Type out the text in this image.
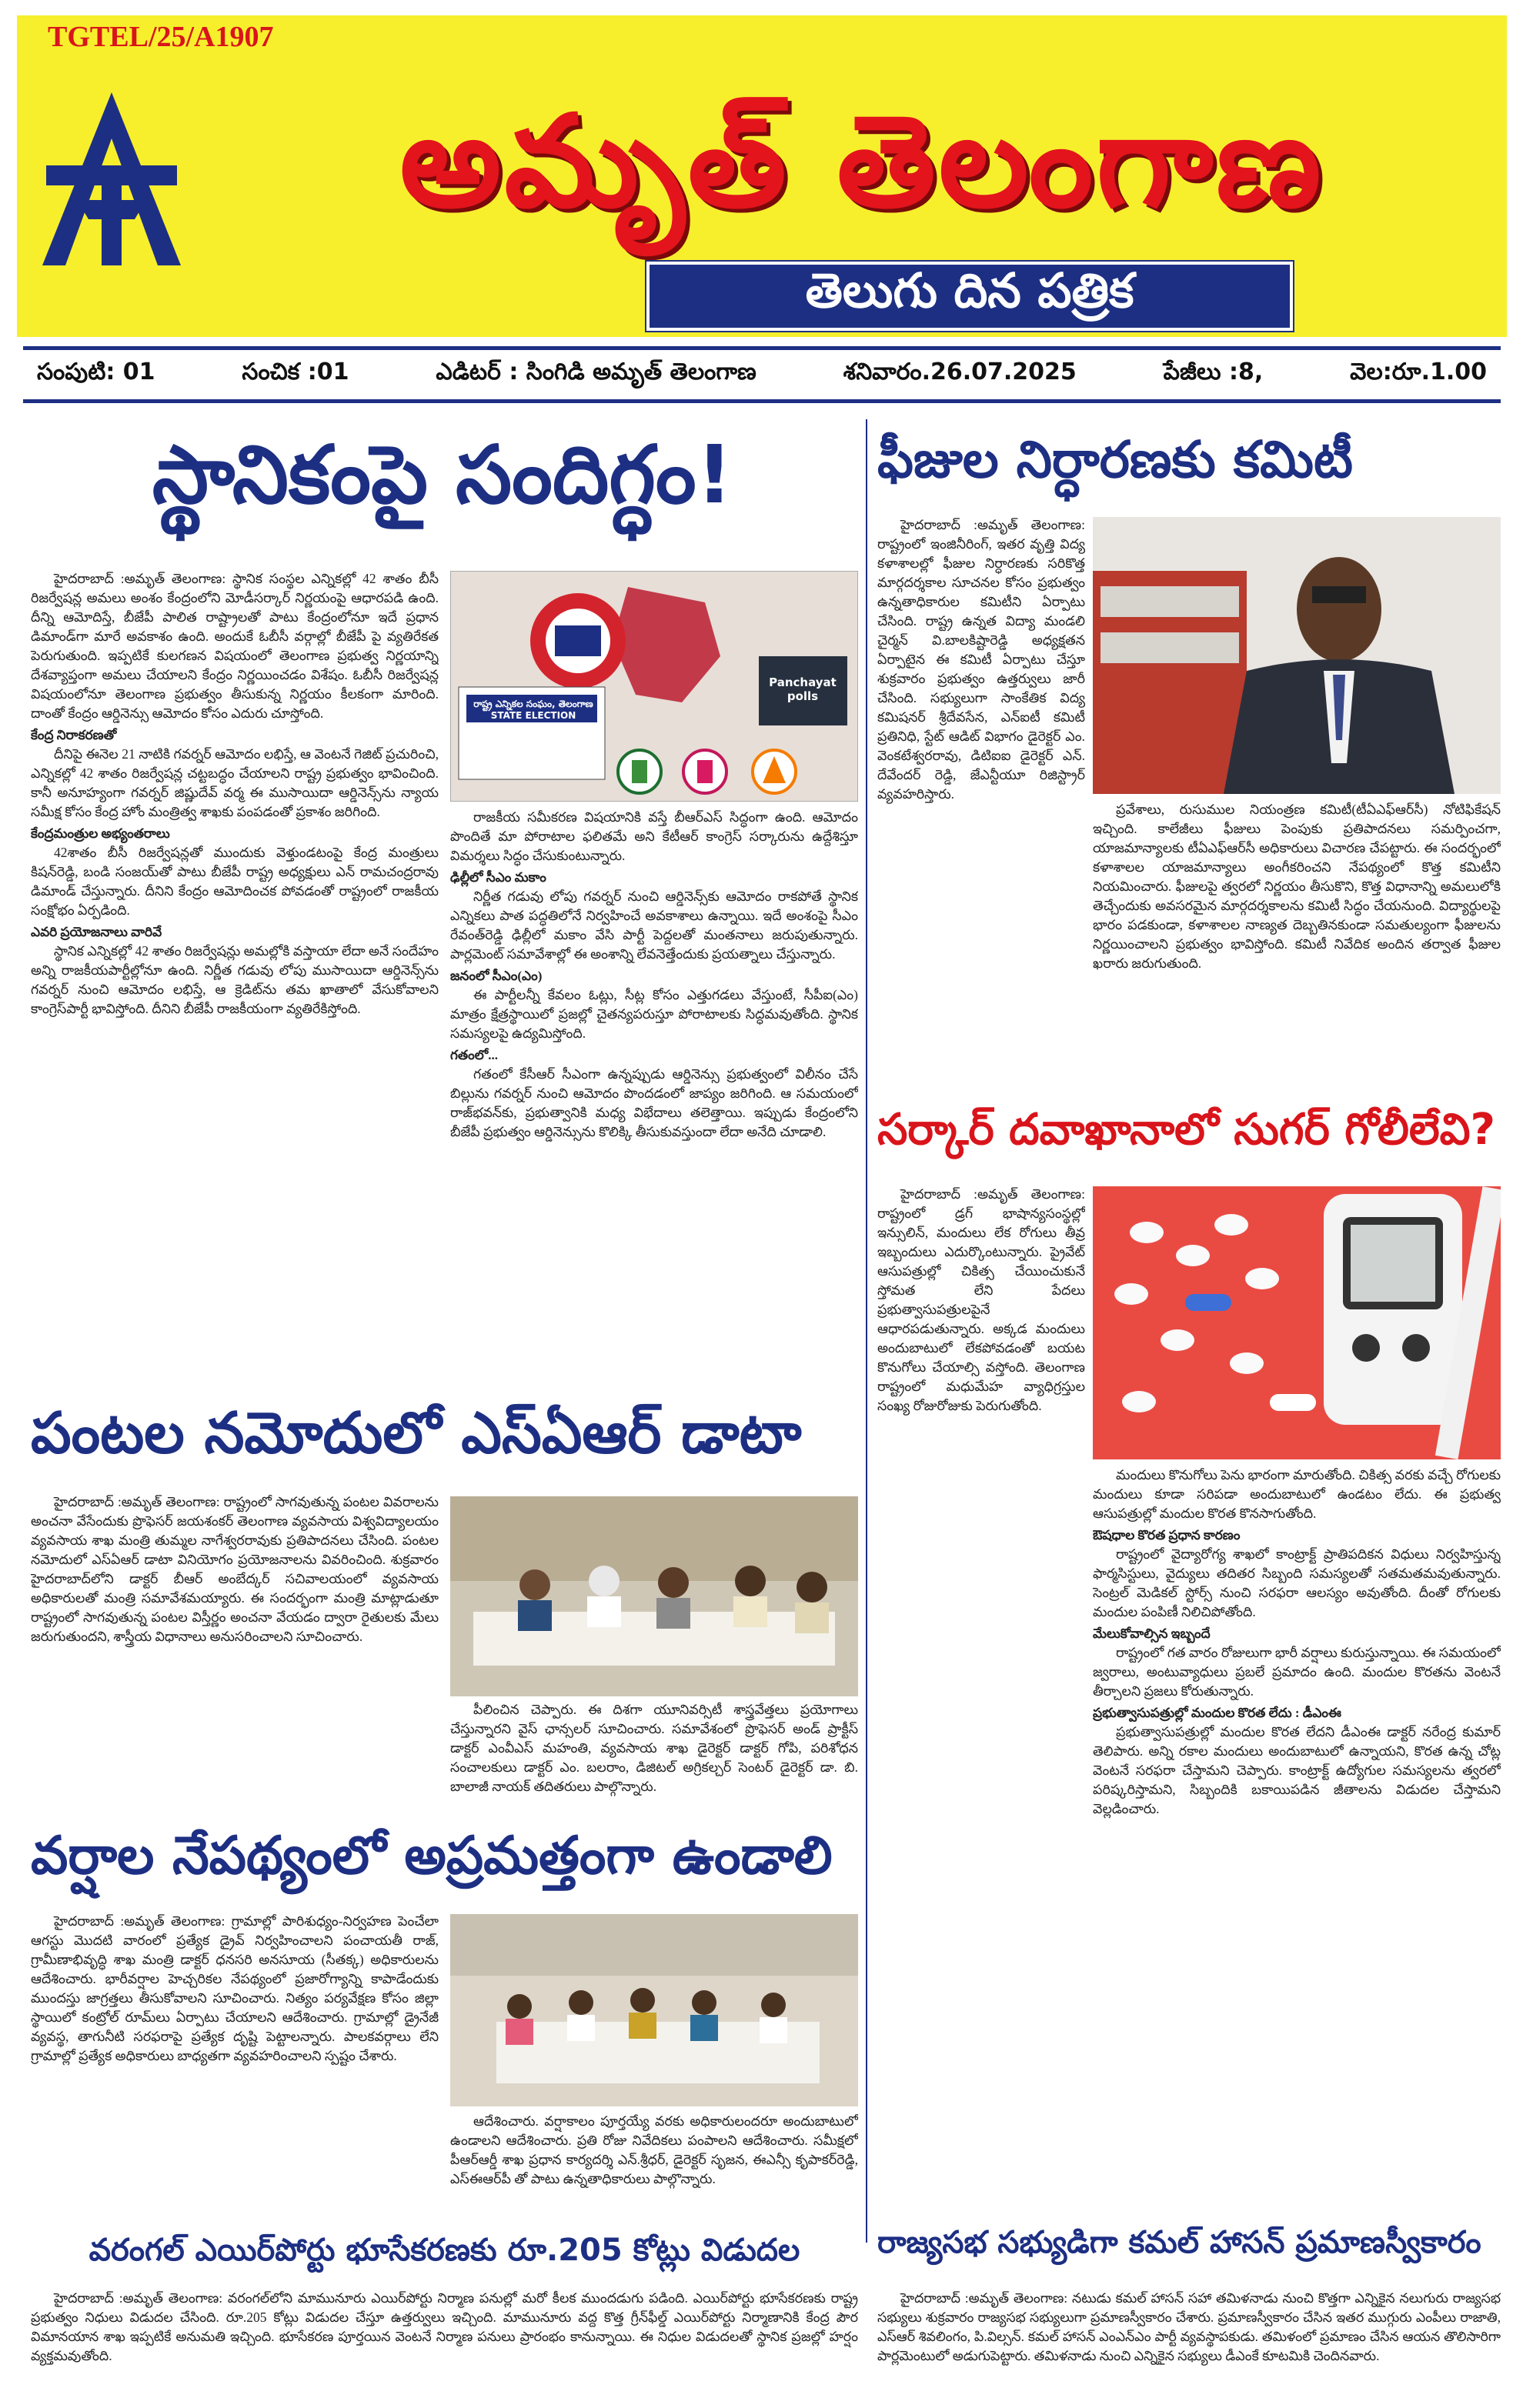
TGTEL/25/A1907
అమృత్ తెలంగాణ
తెలుగు దిన పత్రిక
సంపుటి: 01	సంచిక :01	ఎడిటర్ : సింగిడి అమృత్ తెలంగాణ	శనివారం.26.07.2025	పేజీలు :8,	వెల:రూ.1.00
స్థానికంపై సందిగ్ధం!

హైదరాబాద్ :అమృత్ తెలంగాణ: స్థానిక సంస్థల ఎన్నికల్లో 42 శాతం బీసీ రిజర్వేషన్ల అమలు అంశం కేంద్రంలోని మోడీసర్కార్ నిర్ణయంపై ఆధారపడి ఉంది. దీన్ని ఆమోదిస్తే, బీజేపీ పాలిత రాష్ట్రాలతో పాటు కేంద్రంలోనూ ఇదే ప్రధాన డిమాండ్‌గా మారే అవకాశం ఉంది. అందుకే ఓబీసీ వర్గాల్లో బీజేపీ పై వ్యతిరేకత పెరుగుతుంది. ఇప్పటికే కులగణన విషయంలో తెలంగాణ ప్రభుత్వ నిర్ణయాన్ని దేశవ్యాప్తంగా అమలు చేయాలని కేంద్రం నిర్ణయించడం విశేషం. ఓబీసీ రిజర్వేషన్ల విషయంలోనూ తెలంగాణ ప్రభుత్వం తీసుకున్న నిర్ణయం కీలకంగా మారింది. దాంతో కేంద్రం ఆర్డినెన్సు ఆమోదం కోసం ఎదురు చూస్తోంది.

కేంద్ర నిరాకరణతో

దీనిపై ఈనెల 21 నాటికి గవర్నర్ ఆమోదం లభిస్తే, ఆ వెంటనే గెజిట్ ప్రచురించి, ఎన్నికల్లో 42 శాతం రిజర్వేషన్ల చట్టబద్ధం చేయాలని రాష్ట్ర ప్రభుత్వం భావించింది. కానీ అనూహ్యంగా గవర్నర్ జిష్ణుదేవ్ వర్మ ఈ ముసాయిదా ఆర్డినెన్స్‌ను న్యాయ సమీక్ష కోసం కేంద్ర హోం మంత్రిత్వ శాఖకు పంపడంతో ప్రకాశం జరిగింది.

కేంద్రమంత్రుల అభ్యంతరాలు

42శాతం బీసీ రిజర్వేషన్లతో ముందుకు వెళ్తుండటంపై కేంద్ర మంత్రులు కిషన్‌రెడ్డి, బండి సంజయ్‌తో పాటు బీజేపీ రాష్ట్ర అధ్యక్షులు ఎన్ రామచంద్రరావు డిమాండ్ చేస్తున్నారు. దీనిని కేంద్రం ఆమోదించక పోవడంతో రాష్ట్రంలో రాజకీయ సంక్షోభం ఏర్పడింది.

ఎవరి ప్రయోజనాలు వారివే

స్థానిక ఎన్నికల్లో 42 శాతం రిజర్వేషన్లు అమల్లోకి వస్తాయా లేదా అనే సందేహం అన్ని రాజకీయపార్టీల్లోనూ ఉంది. నిర్ణీత గడువు లోపు ముసాయిదా ఆర్డినెన్స్‌ను గవర్నర్ నుంచి ఆమోదం లభిస్తే, ఆ క్రెడిట్‌ను తమ ఖాతాలో వేసుకోవాలని కాంగ్రెస్‌పార్టీ భావిస్తోంది. దీనిని బీజేపీ రాజకీయంగా వ్యతిరేకిస్తోంది.

రాష్ట్ర ఎన్నికల సంఘం, తెలంగాణ
STATE ELECTION COMMISSION, TELANGANA
Panchayat polls

రాజకీయ సమీకరణ విషయానికి వస్తే బీఆర్‌ఎస్ సిద్ధంగా ఉంది. ఆమోదం పొందితే మా పోరాటాల ఫలితమే అని కేటీఆర్ కాంగ్రెస్ సర్కారును ఉద్దేశిస్తూ విమర్శలు సిద్ధం చేసుకుంటున్నారు.

ఢిల్లీలో సీఎం మకాం

నిర్ణీత గడువు లోపు గవర్నర్ నుంచి ఆర్డినెన్స్‌కు ఆమోదం రాకపోతే స్థానిక ఎన్నికలు పాత పద్ధతిలోనే నిర్వహించే అవకాశాలు ఉన్నాయి. ఇదే అంశంపై సీఎం రేవంత్‌రెడ్డి ఢిల్లీలో మకాం వేసి పార్టీ పెద్దలతో మంతనాలు జరుపుతున్నారు. పార్లమెంట్ సమావేశాల్లో ఈ అంశాన్ని లేవనెత్తేందుకు ప్రయత్నాలు చేస్తున్నారు.

జనంలో సీఎం(ఎం)

ఈ పార్టీలన్నీ కేవలం ఓట్లు, సీట్ల కోసం ఎత్తుగడలు వేస్తుంటే, సీపీఐ(ఎం) మాత్రం క్షేత్రస్థాయిలో ప్రజల్లో చైతన్యపరుస్తూ పోరాటాలకు సిద్ధమవుతోంది. స్థానిక సమస్యలపై ఉద్యమిస్తోంది.

గతంలో...

గతంలో కేసీఆర్ సీఎంగా ఉన్నప్పుడు ఆర్డినెన్సు ప్రభుత్వంలో విలీనం చేసే బిల్లును గవర్నర్ నుంచి ఆమోదం పొందడంలో జాప్యం జరిగింది. ఆ సమయంలో రాజ్‌భవన్‌కు, ప్రభుత్వానికి మధ్య విభేదాలు తలెత్తాయి. ఇప్పుడు కేంద్రంలోని బీజేపీ ప్రభుత్వం ఆర్డినెన్సును కొలిక్కి తీసుకువస్తుందా లేదా అనేది చూడాలి.

పంటల నమోదులో ఎస్ఏఆర్ డాటా

హైదరాబాద్ :అమృత్ తెలంగాణ: రాష్ట్రంలో సాగవుతున్న పంటల వివరాలను అంచనా వేసేందుకు ప్రొఫెసర్ జయశంకర్ తెలంగాణ వ్యవసాయ విశ్వవిద్యాలయం వ్యవసాయ శాఖ మంత్రి తుమ్మల నాగేశ్వరరావుకు ప్రతిపాదనలు చేసింది. పంటల నమోదులో ఎస్ఏఆర్ డాటా వినియోగం ప్రయోజనాలను వివరించింది. శుక్రవారం హైదరాబాద్‌లోని డాక్టర్ బీఆర్ అంబేద్కర్ సచివాలయంలో వ్యవసాయ అధికారులతో మంత్రి సమావేశమయ్యారు. ఈ సందర్భంగా మంత్రి మాట్లాడుతూ రాష్ట్రంలో సాగవుతున్న పంటల విస్తీర్ణం అంచనా వేయడం ద్వారా రైతులకు మేలు జరుగుతుందని, శాస్త్రీయ విధానాలు అనుసరించాలని సూచించారు.

పీలించిన చెప్పారు. ఈ దిశగా యూనివర్సిటీ శాస్త్రవేత్తలు ప్రయోగాలు చేస్తున్నారని వైస్ ఛాన్సలర్ సూచించారు. సమావేశంలో ప్రొఫెసర్ అండ్ ప్రాక్టీస్ డాక్టర్ ఎంవీఎస్ మహంతి, వ్యవసాయ శాఖ డైరెక్టర్ డాక్టర్ గోపి, పరిశోధన సంచాలకులు డాక్టర్ ఎం. బలరాం, డిజిటల్ అగ్రికల్చర్ సెంటర్ డైరెక్టర్ డా. బి. బాలాజీ నాయక్ తదితరులు పాల్గొన్నారు.

వర్షాల నేపథ్యంలో అప్రమత్తంగా ఉండాలి

హైదరాబాద్ :అమృత్ తెలంగాణ: గ్రామాల్లో పారిశుధ్యం-నిర్వహణ పెంచేలా ఆగస్టు మొదటి వారంలో ప్రత్యేక డ్రైవ్ నిర్వహించాలని పంచాయతీ రాజ్, గ్రామీణాభివృద్ధి శాఖ మంత్రి డాక్టర్ ధనసరి అనసూయ (సీతక్క) అధికారులను ఆదేశించారు. భారీవర్షాల హెచ్చరికల నేపథ్యంలో ప్రజారోగ్యాన్ని కాపాడేందుకు ముందస్తు జాగ్రత్తలు తీసుకోవాలని సూచించారు. నిత్యం పర్యవేక్షణ కోసం జిల్లా స్థాయిలో కంట్రోల్ రూమ్‌లు ఏర్పాటు చేయాలని ఆదేశించారు. గ్రామాల్లో డ్రైనేజీ వ్యవస్థ, తాగునీటి సరఫరాపై ప్రత్యేక దృష్టి పెట్టాలన్నారు. పాలకవర్గాలు లేని గ్రామాల్లో ప్రత్యేక అధికారులు బాధ్యతగా వ్యవహరించాలని స్పష్టం చేశారు.

ఆదేశించారు. వర్షాకాలం పూర్తయ్యే వరకు అధికారులందరూ అందుబాటులో ఉండాలని ఆదేశించారు. ప్రతి రోజు నివేదికలు పంపాలని ఆదేశించారు. సమీక్షలో పీఆర్ఆర్డీ శాఖ ప్రధాన కార్యదర్శి ఎన్.శ్రీధర్, డైరెక్టర్ సృజన, ఈఎన్సీ కృపాకర్‌రెడ్డి, ఎస్ఈఆర్‌పీ తో పాటు ఉన్నతాధికారులు పాల్గొన్నారు.

ఫీజుల నిర్ధారణకు కమిటీ

హైదరాబాద్ :అమృత్ తెలంగాణ: రాష్ట్రంలో ఇంజినీరింగ్, ఇతర వృత్తి విద్య కళాశాలల్లో ఫీజుల నిర్ధారణకు సరికొత్త మార్గదర్శకాల సూచనల కోసం ప్రభుత్వం ఉన్నతాధికారుల కమిటీని ఏర్పాటు చేసింది. రాష్ట్ర ఉన్నత విద్యా మండలి చైర్మన్ వి.బాలకిష్టారెడ్డి అధ్యక్షతన ఏర్పాటైన ఈ కమిటీ ఏర్పాటు చేస్తూ శుక్రవారం ప్రభుత్వం ఉత్తర్వులు జారీ చేసింది. సభ్యులుగా సాంకేతిక విద్య కమిషనర్ శ్రీదేవసేన, ఎన్‌ఐటీ కమిటీ ప్రతినిధి, స్టేట్ ఆడిట్ విభాగం డైరెక్టర్ ఎం. వెంకటేశ్వరరావు, డిటిఐఐ డైరెక్టర్ ఎన్. దేవేందర్ రెడ్డి, జేఎన్టీయూ రిజిస్ట్రార్ వ్యవహరిస్తారు.

ప్రవేశాలు, రుసుముల నియంత్రణ కమిటీ(టీఏఎఫ్ఆర్‌సీ) నోటిఫికేషన్ ఇచ్చింది. కాలేజీలు ఫీజులు పెంపుకు ప్రతిపాదనలు సమర్పించగా, యాజమాన్యాలకు టీఏఎఫ్ఆర్‌సీ అధికారులు విచారణ చేపట్టారు. ఈ సందర్భంలో కళాశాలల యాజమాన్యాలు అంగీకరించని నేపథ్యంలో కొత్త కమిటీని నియమించారు. ఫీజులపై త్వరలో నిర్ణయం తీసుకొని, కొత్త విధానాన్ని అమలులోకి తెచ్చేందుకు అవసరమైన మార్గదర్శకాలను కమిటీ సిద్ధం చేయనుంది. విద్యార్థులపై భారం పడకుండా, కళాశాలల నాణ్యత దెబ్బతినకుండా సమతుల్యంగా ఫీజులను నిర్ణయించాలని ప్రభుత్వం భావిస్తోంది. కమిటీ నివేదిక అందిన తర్వాత ఫీజుల ఖరారు జరుగుతుంది.

సర్కార్ దవాఖానాలో సుగర్ గోలీలేవి?

హైదరాబాద్ :అమృత్ తెలంగాణ: రాష్ట్రంలో డ్రగ్ భాషాన్యసంస్థల్లో ఇన్సులిన్, మందులు లేక రోగులు తీవ్ర ఇబ్బందులు ఎదుర్కొంటున్నారు. ప్రైవేట్ ఆసుపత్రుల్లో చికిత్స చేయించుకునే స్తోమత లేని పేదలు ప్రభుత్వాసుపత్రులపైనే ఆధారపడుతున్నారు. అక్కడ మందులు అందుబాటులో లేకపోవడంతో బయట కొనుగోలు చేయాల్సి వస్తోంది. తెలంగాణ రాష్ట్రంలో మధుమేహ వ్యాధిగ్రస్తుల సంఖ్య రోజురోజుకు పెరుగుతోంది.

మందులు కొనుగోలు పెను భారంగా మారుతోంది. చికిత్స వరకు వచ్చే రోగులకు మందులు కూడా సరిపడా అందుబాటులో ఉండటం లేదు. ఈ ప్రభుత్వ ఆసుపత్రుల్లో మందుల కొరత కొనసాగుతోంది.

ఔషధాల కొరత ప్రధాన కారణం

రాష్ట్రంలో వైద్యారోగ్య శాఖలో కాంట్రాక్ట్ ప్రాతిపదికన విధులు నిర్వహిస్తున్న ఫార్మసిస్టులు, వైద్యులు తదితర సిబ్బంది సమస్యలతో సతమతమవుతున్నారు. సెంట్రల్ మెడికల్ స్టోర్స్ నుంచి సరఫరా ఆలస్యం అవుతోంది. దీంతో రోగులకు మందుల పంపిణీ నిలిచిపోతోంది.

మేలుకోవాల్సిన ఇబ్బందే

రాష్ట్రంలో గత వారం రోజులుగా భారీ వర్షాలు కురుస్తున్నాయి. ఈ సమయంలో జ్వరాలు, అంటువ్యాధులు ప్రబలే ప్రమాదం ఉంది. మందుల కొరతను వెంటనే తీర్చాలని ప్రజలు కోరుతున్నారు.

ప్రభుత్వాసుపత్రుల్లో మందుల కొరత లేదు : డీఎంఈ

ప్రభుత్వాసుపత్రుల్లో మందుల కొరత లేదని డీఎంఈ డాక్టర్ నరేంద్ర కుమార్ తెలిపారు. అన్ని రకాల మందులు అందుబాటులో ఉన్నాయని, కొరత ఉన్న చోట్ల వెంటనే సరఫరా చేస్తామని చెప్పారు. కాంట్రాక్ట్ ఉద్యోగుల సమస్యలను త్వరలో పరిష్కరిస్తామని, సిబ్బందికి బకాయిపడిన జీతాలను విడుదల చేస్తామని వెల్లడించారు.

రాజ్యసభ సభ్యుడిగా కమల్ హాసన్ ప్రమాణస్వీకారం

హైదరాబాద్ :అమృత్ తెలంగాణ: నటుడు కమల్ హాసన్ సహా తమిళనాడు నుంచి కొత్తగా ఎన్నికైన నలుగురు రాజ్యసభ సభ్యులు శుక్రవారం రాజ్యసభ సభ్యులుగా ప్రమాణస్వీకారం చేశారు. ప్రమాణస్వీకారం చేసిన ఇతర ముగ్గురు ఎంపీలు రాజాతి, ఎస్‌ఆర్ శివలింగం, పి.విల్సన్. కమల్ హాసన్ ఎంఎన్ఎం పార్టీ వ్యవస్థాపకుడు. తమిళంలో ప్రమాణం చేసిన ఆయన తొలిసారిగా పార్లమెంటులో అడుగుపెట్టారు. తమిళనాడు నుంచి ఎన్నికైన సభ్యులు డీఎంకే కూటమికి చెందినవారు.

వరంగల్ ఎయిర్‌పోర్టు భూసేకరణకు రూ.205 కోట్లు విడుదల

హైదరాబాద్ :అమృత్ తెలంగాణ: వరంగల్‌లోని మామునూరు ఎయిర్‌పోర్టు నిర్మాణ పనుల్లో మరో కీలక ముందడుగు పడింది. ఎయిర్‌పోర్టు భూసేకరణకు రాష్ట్ర ప్రభుత్వం నిధులు విడుదల చేసింది. రూ.205 కోట్లు విడుదల చేస్తూ ఉత్తర్వులు ఇచ్చింది. మామునూరు వద్ద కొత్త గ్రీన్‌ఫీల్డ్ ఎయిర్‌పోర్టు నిర్మాణానికి కేంద్ర పౌర విమానయాన శాఖ ఇప్పటికే అనుమతి ఇచ్చింది. భూసేకరణ పూర్తయిన వెంటనే నిర్మాణ పనులు ప్రారంభం కానున్నాయి. ఈ నిధుల విడుదలతో స్థానిక ప్రజల్లో హర్షం వ్యక్తమవుతోంది.
